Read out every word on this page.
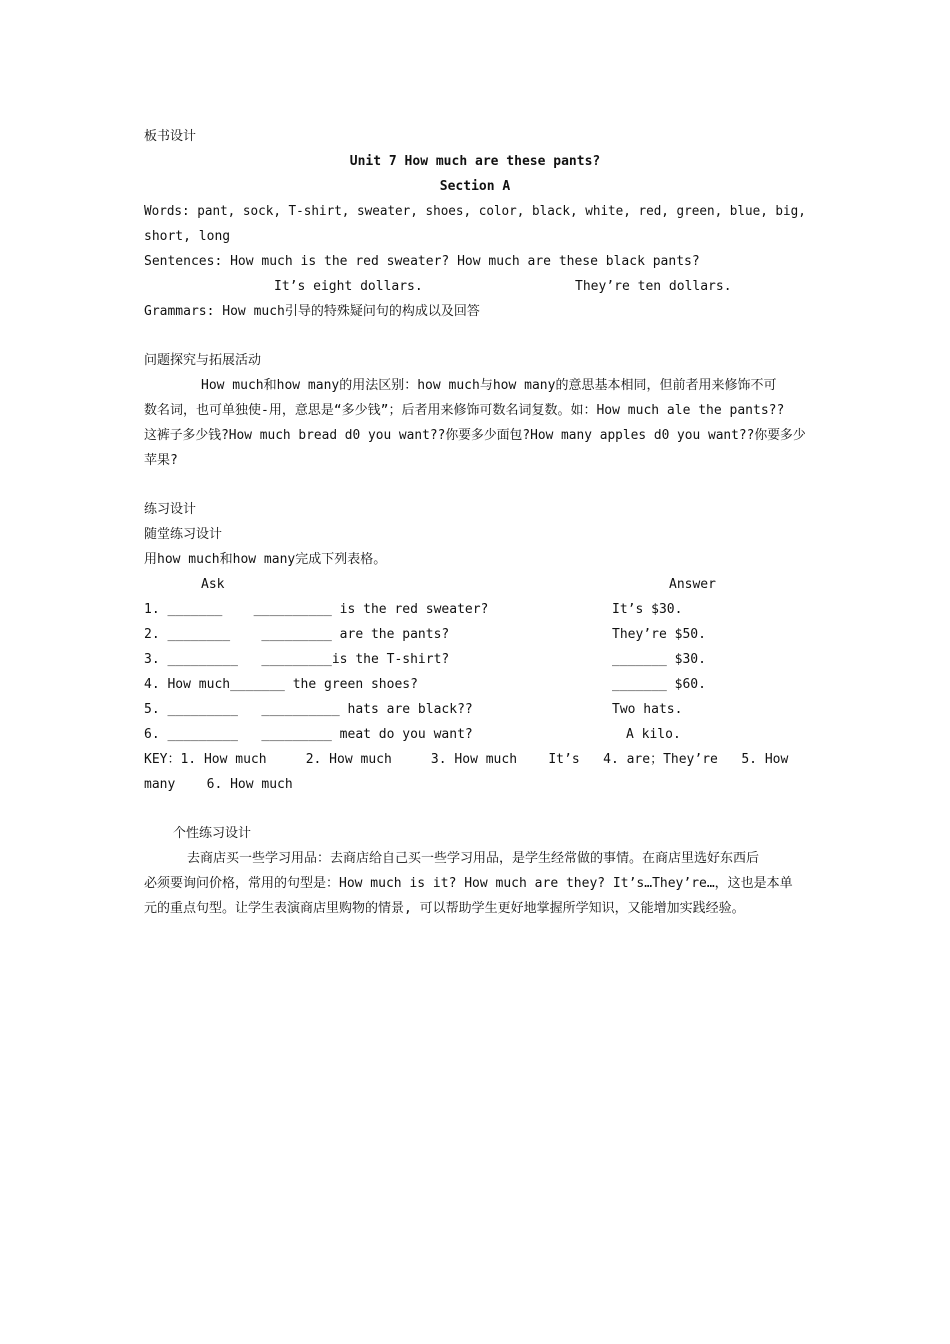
板书设计
Unit 7 How much are these pants?
Section A
Words: pant, sock, T-shirt, sweater, shoes, color, black, white, red, green, blue, big,
short, long
Sentences: How much is the red sweater? How much are these black pants?
It’s eight dollars.	They’re ten dollars.
Grammars: How much引导的特殊疑问句的构成以及回答
问题探究与拓展活动
How much和how many的用法区别：how much与how many的意思基本相同，但前者用来修饰不可
数名词，也可单独使-用，意思是“多少钱”；后者用来修饰可数名词复数。如：How much ale the pants??
这裤子多少钱?How much bread d0 you want??你要多少面包?How many apples d0 you want??你要多少
苹果?
练习设计
随堂练习设计
用how much和how many完成下列表格。
Ask	Answer
1. _______    __________ is the red sweater?	It’s $30.
2. ________    _________ are the pants?	They’re $50.
3. _________   _________is the T-shirt?	_______ $30.
4. How much_______ the green shoes?	_______ $60.
5. _________   __________ hats are black??	Two hats.
6. _________   _________ meat do you want?	A kilo.
KEY：1. How much     2. How much     3. How much    It’s   4. are；They’re   5. How
many    6. How much
个性练习设计
去商店买一些学习用品：去商店给自己买一些学习用品，是学生经常做的事情。在商店里选好东西后
必须要询问价格，常用的句型是：How much is it? How much are they? It’s…They’re…，这也是本单
元的重点句型。让学生表演商店里购物的情景, 可以帮助学生更好地掌握所学知识，又能增加实践经验。
